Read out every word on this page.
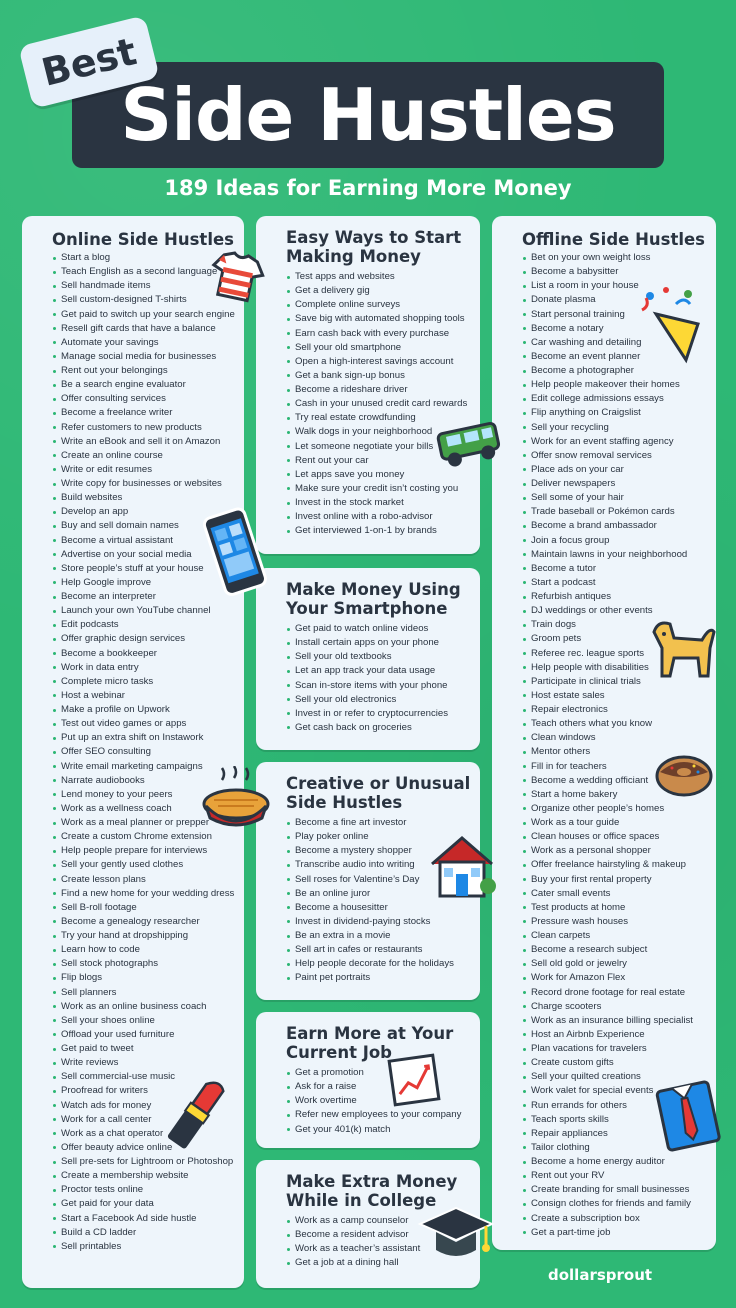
Side Hustles
Best
189 Ideas for Earning More Money
Online Side Hustles
Start a blog
Teach English as a second language
Sell handmade items
Sell custom-designed T-shirts
Get paid to switch up your search engine
Resell gift cards that have a balance
Automate your savings
Manage social media for businesses
Rent out your belongings
Be a search engine evaluator
Offer consulting services
Become a freelance writer
Refer customers to new products
Write an eBook and sell it on Amazon
Create an online course
Write or edit resumes
Write copy for businesses or websites
Build websites
Develop an app
Buy and sell domain names
Become a virtual assistant
Advertise on your social media
Store people’s stuff at your house
Help Google improve
Become an interpreter
Launch your own YouTube channel
Edit podcasts
Offer graphic design services
Become a bookkeeper
Work in data entry
Complete micro tasks
Host a webinar
Make a profile on Upwork
Test out video games or apps
Put up an extra shift on Instawork
Offer SEO consulting
Write email marketing campaigns
Narrate audiobooks
Lend money to your peers
Work as a wellness coach
Work as a meal planner or prepper
Create a custom Chrome extension
Help people prepare for interviews
Sell your gently used clothes
Create lesson plans
Find a new home for your wedding dress
Sell B-roll footage
Become a genealogy researcher
Try your hand at dropshipping
Learn how to code
Sell stock photographs
Flip blogs
Sell planners
Work as an online business coach
Sell your shoes online
Offload your used furniture
Get paid to tweet
Write reviews
Sell commercial-use music
Proofread for writers
Watch ads for money
Work for a call center
Work as a chat operator
Offer beauty advice online
Sell pre-sets for Lightroom or Photoshop
Create a membership website
Proctor tests online
Get paid for your data
Start a Facebook Ad side hustle
Build a CD ladder
Sell printables
Easy Ways to Start
Making Money
Test apps and websites
Get a delivery gig
Complete online surveys
Save big with automated shopping tools
Earn cash back with every purchase
Sell your old smartphone
Open a high-interest savings account
Get a bank sign-up bonus
Become a rideshare driver
Cash in your unused credit card rewards
Try real estate crowdfunding
Walk dogs in your neighborhood
Let someone negotiate your bills
Rent out your car
Let apps save you money
Make sure your credit isn’t costing you
Invest in the stock market
Invest online with a robo-advisor
Get interviewed 1-on-1 by brands
Make Money Using
Your Smartphone
Get paid to watch online videos
Install certain apps on your phone
Sell your old textbooks
Let an app track your data usage
Scan in-store items with your phone
Sell your old electronics
Invest in or refer to cryptocurrencies
Get cash back on groceries
Creative or Unusual
Side Hustles
Become a fine art investor
Play poker online
Become a mystery shopper
Transcribe audio into writing
Sell roses for Valentine’s Day
Be an online juror
Become a housesitter
Invest in dividend-paying stocks
Be an extra in a movie
Sell art in cafes or restaurants
Help people decorate for the holidays
Paint pet portraits
Earn More at Your
Current Job
Get a promotion
Ask for a raise
Work overtime
Refer new employees to your company
Get your 401(k) match
Make Extra Money
While in College
Work as a camp counselor
Become a resident advisor
Work as a teacher’s assistant
Get a job at a dining hall
Offline Side Hustles
Bet on your own weight loss
Become a babysitter
List a room in your house
Donate plasma
Start personal training
Become a notary
Car washing and detailing
Become an event planner
Become a photographer
Help people makeover their homes
Edit college admissions essays
Flip anything on Craigslist
Sell your recycling
Work for an event staffing agency
Offer snow removal services
Place ads on your car
Deliver newspapers
Sell some of your hair
Trade baseball or Pokémon cards
Become a brand ambassador
Join a focus group
Maintain lawns in your neighborhood
Become a tutor
Start a podcast
Refurbish antiques
DJ weddings or other events
Train dogs
Groom pets
Referee rec. league sports
Help people with disabilities
Participate in clinical trials
Host estate sales
Repair electronics
Teach others what you know
Clean windows
Mentor others
Fill in for teachers
Become a wedding officiant
Start a home bakery
Organize other people’s homes
Work as a tour guide
Clean houses or office spaces
Work as a personal shopper
Offer freelance hairstyling & makeup
Buy your first rental property
Cater small events
Test products at home
Pressure wash houses
Clean carpets
Become a research subject
Sell old gold or jewelry
Work for Amazon Flex
Record drone footage for real estate
Charge scooters
Work as an insurance billing specialist
Host an Airbnb Experience
Plan vacations for travelers
Create custom gifts
Sell your quilted creations
Work valet for special events
Run errands for others
Teach sports skills
Repair appliances
Tailor clothing
Become a home energy auditor
Rent out your RV
Create branding for small businesses
Consign clothes for friends and family
Create a subscription box
Get a part-time job
dollarsprout
